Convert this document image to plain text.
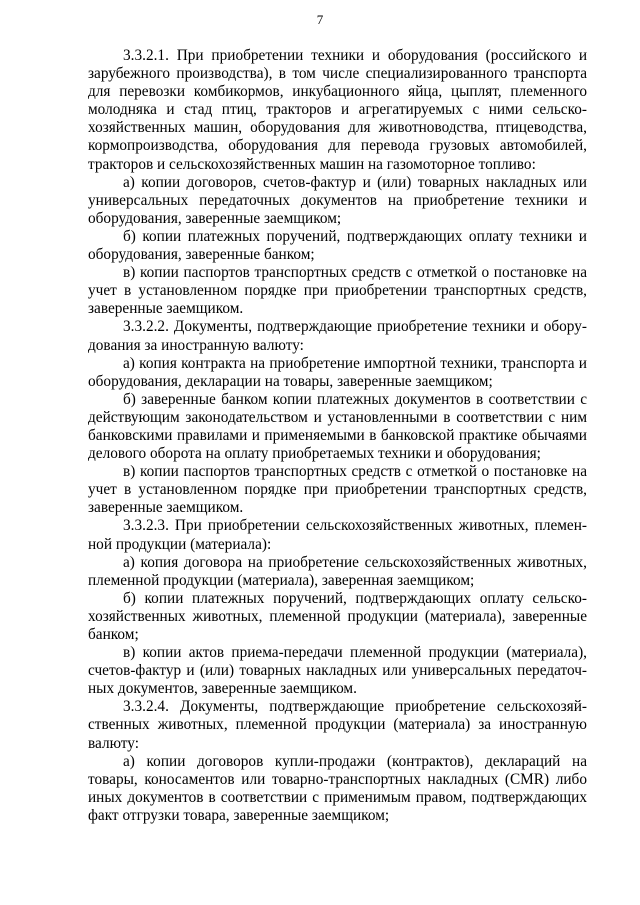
7

3.3.2.1. При приобретении техники и оборудования (российского и зарубежного производства), в том числе специализированного транспорта для перевозки комбикормов, инкубационного яйца, цыплят, племенного молодняка и стад птиц, тракторов и агрегатируемых с ними сельско-хозяйственных машин, оборудования для животноводства, птицеводства, кормопроизводства, оборудования для перевода грузовых автомобилей, тракторов и сельскохозяйственных машин на газомоторное топливо:

а) копии договоров, счетов-фактур и (или) товарных накладных или универсальных передаточных документов на приобретение техники и оборудования, заверенные заемщиком;

б) копии платежных поручений, подтверждающих оплату техники и оборудования, заверенные банком;

в) копии паспортов транспортных средств с отметкой о постановке на учет в установленном порядке при приобретении транспортных средств, заверенные заемщиком.

3.3.2.2. Документы, подтверждающие приобретение техники и обору-дования за иностранную валюту:

а) копия контракта на приобретение импортной техники, транспорта и оборудования, декларации на товары, заверенные заемщиком;

б) заверенные банком копии платежных документов в соответствии с действующим законодательством и установленными в соответствии с ним банковскими правилами и применяемыми в банковской практике обычаями делового оборота на оплату приобретаемых техники и оборудования;

в) копии паспортов транспортных средств с отметкой о постановке на учет в установленном порядке при приобретении транспортных средств, заверенные заемщиком.

3.3.2.3. При приобретении сельскохозяйственных животных, племен-ной продукции (материала):

а) копия договора на приобретение сельскохозяйственных животных, племенной продукции (материала), заверенная заемщиком;

б) копии платежных поручений, подтверждающих оплату сельско-хозяйственных животных, племенной продукции (материала), заверенные банком;

в) копии актов приема-передачи племенной продукции (материала), счетов-фактур и (или) товарных накладных или универсальных передаточ-ных документов, заверенные заемщиком.

3.3.2.4. Документы, подтверждающие приобретение сельскохозяй-ственных животных, племенной продукции (материала) за иностранную валюту:

а) копии договоров купли-продажи (контрактов), деклараций на товары, коносаментов или товарно-транспортных накладных (CMR) либо иных документов в соответствии с применимым правом, подтверждающих факт отгрузки товара, заверенные заемщиком;
